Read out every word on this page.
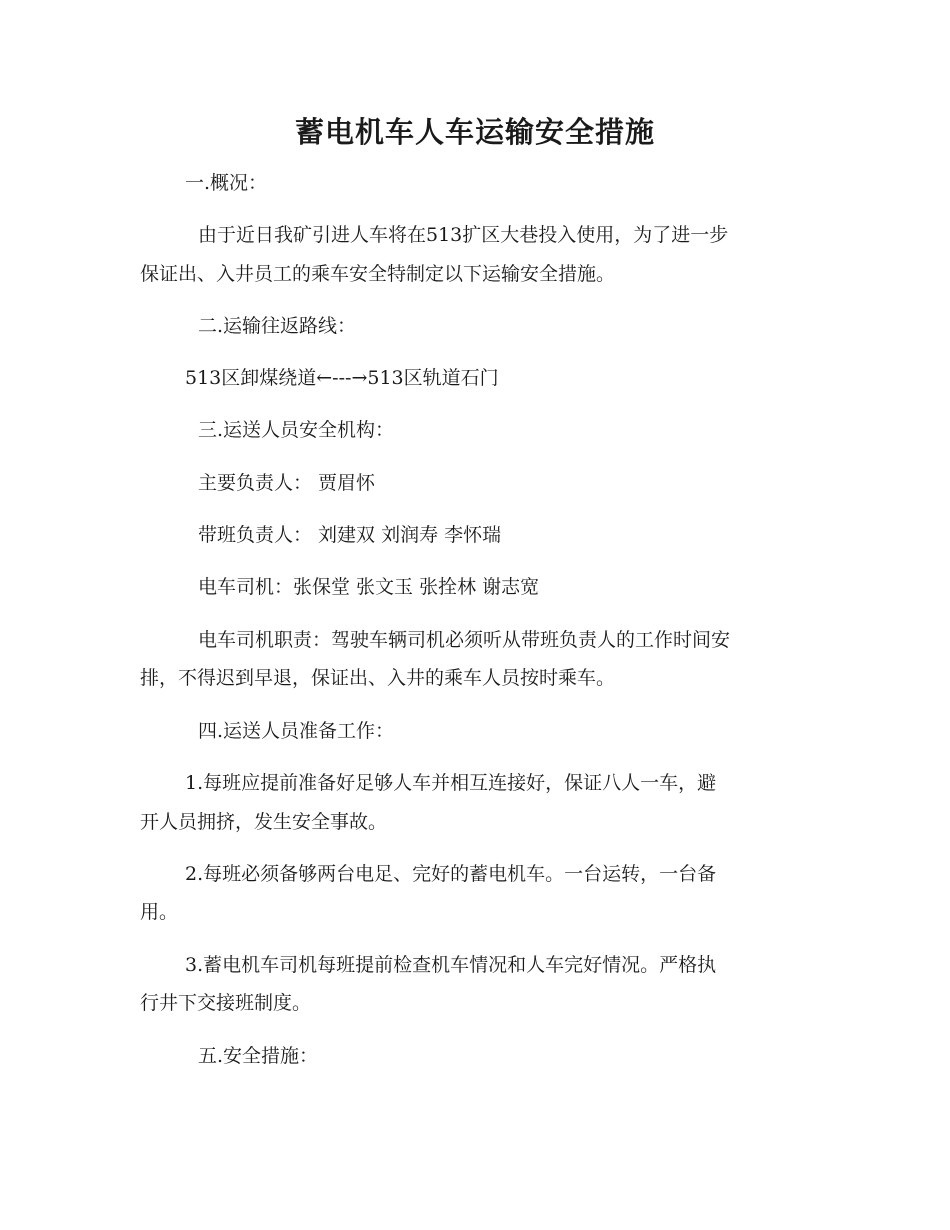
蓄电机车人车运输安全措施

一.概况：

由于近日我矿引进人车将在513扩区大巷投入使用，为了进一步

保证出、入井员工的乘车安全特制定以下运输安全措施。

二.运输往返路线：

513区卸煤绕道←---→513区轨道石门

三.运送人员安全机构：

主要负责人： 贾眉怀

带班负责人： 刘建双 刘润寿 李怀瑞

电车司机：张保堂 张文玉 张拴林 谢志宽

电车司机职责：驾驶车辆司机必须听从带班负责人的工作时间安

排，不得迟到早退，保证出、入井的乘车人员按时乘车。

四.运送人员准备工作：

1.每班应提前准备好足够人车并相互连接好，保证八人一车，避

开人员拥挤，发生安全事故。

2.每班必须备够两台电足、完好的蓄电机车。一台运转，一台备

用。

3.蓄电机车司机每班提前检查机车情况和人车完好情况。严格执

行井下交接班制度。

五.安全措施：
